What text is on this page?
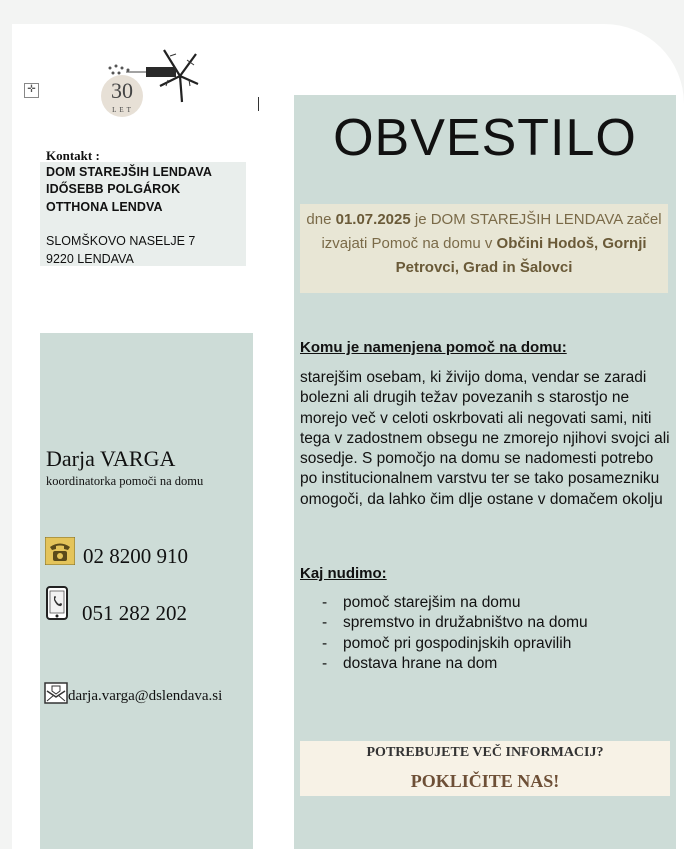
✛	30
LET
Kontakt :
DOM STAREJŠIH LENDAVA
IDŐSEBB POLGÁROK
OTTHONA LENDVA
SLOMŠKOVO NASELJE 7
9220 LENDAVA
Darja VARGA
koordinatorka pomoči na domu
02 8200 910
051 282 202
darja.varga@dslendava.si
OBVESTILO
dne 01.07.2025 je DOM STAREJŠIH LENDAVA začel izvajati Pomoč na domu v Občini Hodoš, Gornji Petrovci, Grad in Šalovci
Komu je namenjena pomoč na domu:
starejšim osebam, ki živijo doma, vendar se zaradi bolezni ali drugih težav povezanih s starostjo ne morejo več v celoti oskrbovati ali negovati sami, niti tega v zadostnem obsegu ne zmorejo njihovi svojci ali sosedje. S pomočjo na domu se nadomesti potrebo po institucionalnem varstvu ter se tako posamezniku omogoči, da lahko čim dlje ostane v domačem okolju
Kaj nudimo:
- pomoč starejšim na domu
- spremstvo in družabništvo na domu
- pomoč pri gospodinjskih opravilih
- dostava hrane na dom
POTREBUJETE VEČ INFORMACIJ?
POKLIČITE NAS!
